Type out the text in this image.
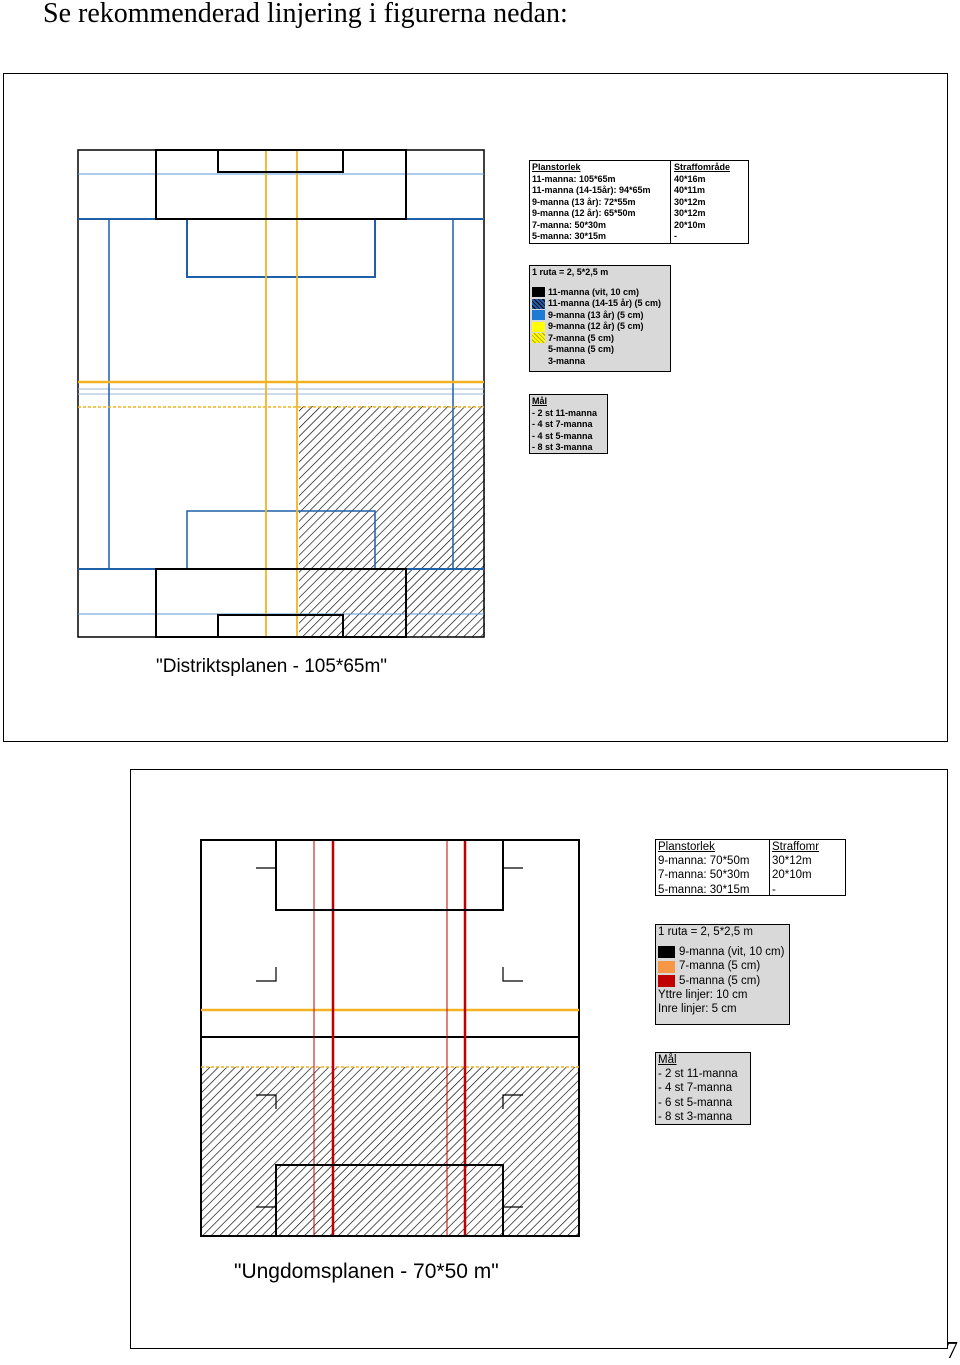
Se rekommenderad linjering i figurerna nedan:
"Distriktsplanen - 105*65m"
Planstorlek	Straffområde
11-manna: 105*65m	40*16m
11-manna (14-15år): 94*65m	40*11m
9-manna (13 år): 72*55m	30*12m
9-manna (12 år): 65*50m	30*12m
7-manna: 50*30m	20*10m
5-manna: 30*15m	-
1 ruta = 2, 5*2,5 m
11-manna (vit, 10 cm)
11-manna (14-15 år) (5 cm)
9-manna (13 år) (5 cm)
9-manna (12 år) (5 cm)
7-manna (5 cm)
5-manna (5 cm)
3-manna
Mål
- 2 st 11-manna
- 4 st 7-manna
- 4 st 5-manna
- 8 st 3-manna
"Ungdomsplanen - 70*50 m"
Planstorlek	Straffomr
9-manna: 70*50m	30*12m
7-manna: 50*30m	20*10m
5-manna: 30*15m	-
1 ruta = 2, 5*2,5 m
9-manna (vit, 10 cm)
7-manna (5 cm)
5-manna (5 cm)
Yttre linjer: 10 cm
Inre linjer: 5 cm
Mål
- 2 st 11-manna
- 4 st 7-manna
- 6 st 5-manna
- 8 st 3-manna
7
